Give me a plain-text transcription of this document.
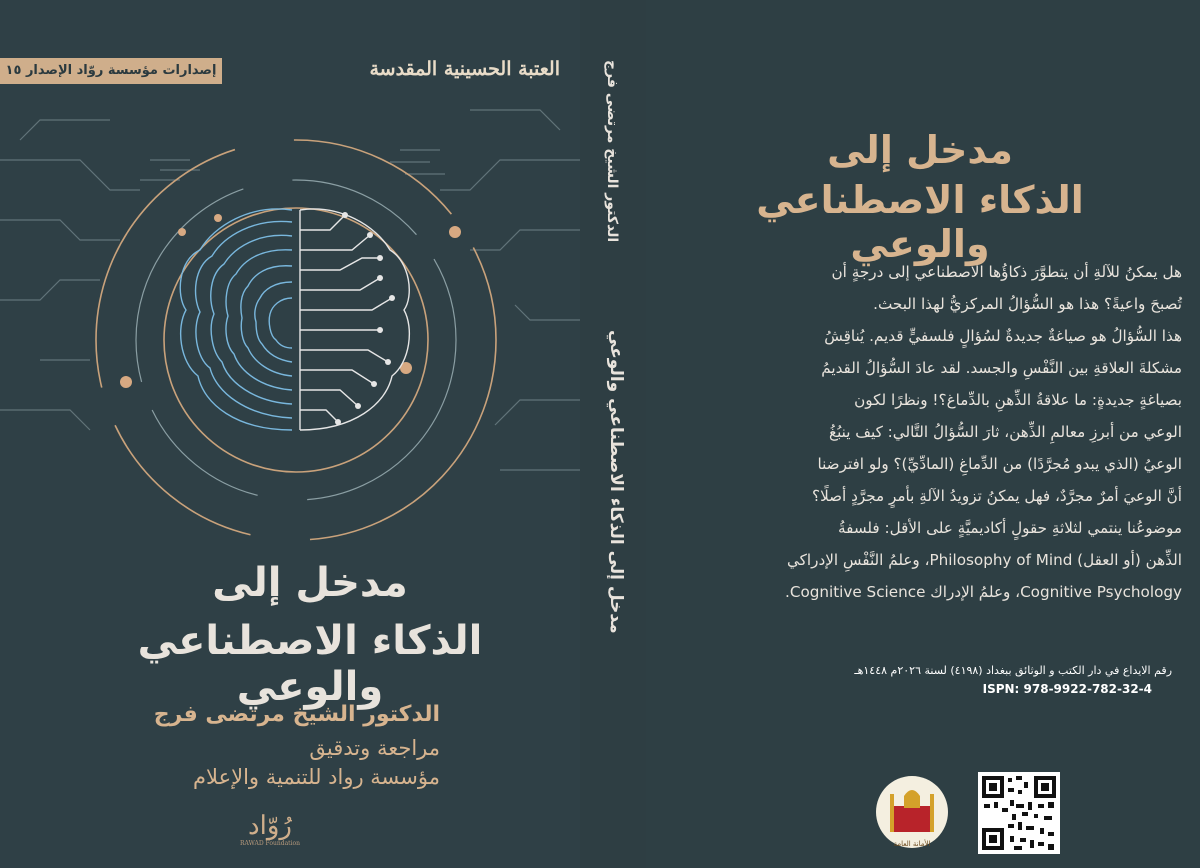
إصدارات مؤسسة روّاد الإصدار ١٥	العتبة الحسينية المقدسة
مدخل إلى
الذكاء الاصطناعي والوعي
الدكتور الشيخ مرتضى فرج
مراجعة وتدقيق
مؤسسة رواد للتنمية والإعلام
رُوّاد
RAWAD Foundation
الدكتور الشيخ مرتضى فرج
مدخل إلى الذكاء الاصطناعي والوعي
مدخل إلى
الذكاء الاصطناعي والوعي
هل يمكنُ للآلةِ أن يتطوَّرَ ذكاؤُها الاصطناعي إلى درجةٍ أن
تُصبحَ واعيةً؟ هذا هو السُّؤالُ المركزيُّ لهذا البحث.
هذا السُّؤالُ هو صياغةٌ جديدةٌ لسُؤالٍ فلسفيٍّ قديم. يُناقِشُ
مشكلةَ العلاقةِ بين النَّفْسِ والجسد. لقد عادَ السُّؤالُ القديمُ
بصياغةٍ جديدةٍ: ما علاقةُ الذِّهنِ بالدِّماغ؟! ونظرًا لكون
الوعي من أبرزِ معالمِ الذِّهن، ثارَ السُّؤالُ التَّالي: كيف ينبُغُ
الوعيُ (الذي يبدو مُجرَّدًا) من الدِّماغِ (المادِّيِّ)؟ ولو افترضنا
أنَّ الوعيَ أمرٌ مجرَّدٌ، فهل يمكنُ تزويدُ الآلةِ بأمرٍ مجرَّدٍ أصلًا؟
موضوعُنا ينتمي لثلاثةِ حقولٍ أكاديميَّةٍ على الأقل: فلسفةُ
الذِّهن (أو العقل) Philosophy of Mind، وعلمُ النَّفْسِ الإدراكي
Cognitive Psychology، وعلمُ الإدراك Cognitive Science.
رقم الايداع في دار الكتب و الوثائق ببغداد (٤١٩٨) لسنة ٢٠٢٦م ١٤٤٨هـ
ISPN: 978-9922-782-32-4
الأمانة العامة
